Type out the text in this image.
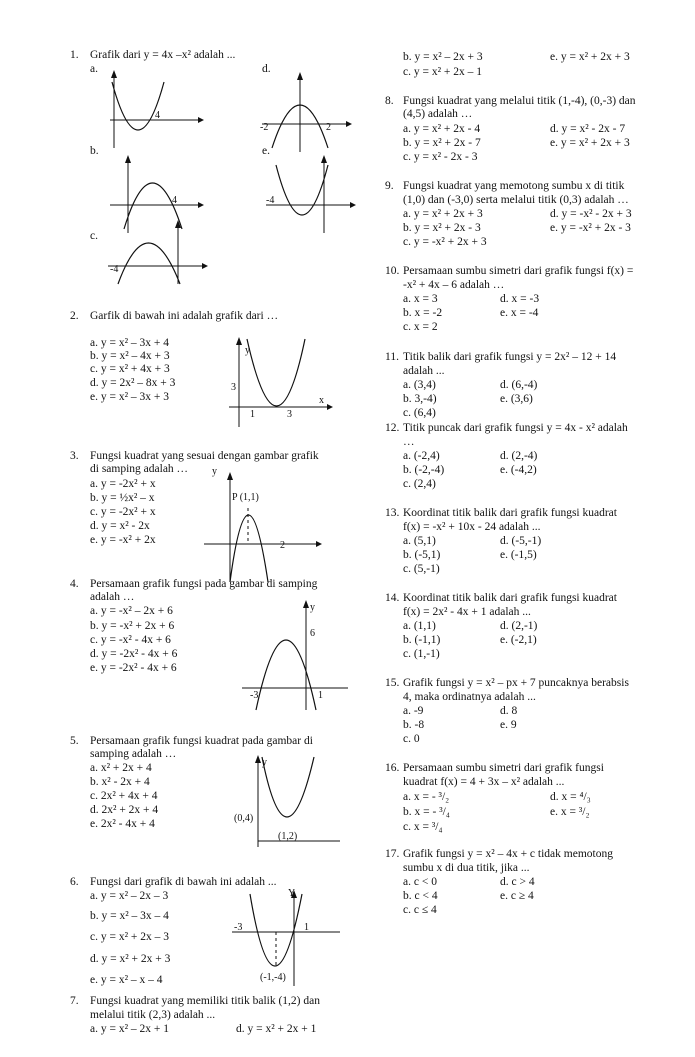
1. Grafik dari y = 4x –x² adalah ...
a.	d.
b.	e.
c.
4
-2	2
4	-4
-4
2. Garfik di bawah ini adalah grafik dari …
a. y = x² – 3x + 4
b. y = x² – 4x + 3
c. y = x² + 4x + 3
d. y = 2x² – 8x + 3
e. y = x² – 3x + 3
y
x
3
1	3
3. Fungsi kuadrat yang sesuai dengan gambar grafik
di samping adalah …
a. y = -2x² + x
b. y = ½x² – x
c. y = -2x² + x
d. y = x² - 2x
e. y = -x² + 2x
y
P (1,1)
2
4. Persamaan grafik fungsi pada gambar di samping
adalah …
a. y = -x² – 2x + 6
b. y = -x² + 2x + 6
c. y = -x² - 4x + 6
d. y = -2x² - 4x + 6
e. y = -2x² - 4x + 6
y
6
-3	1
5. Persamaan grafik fungsi kuadrat pada gambar di
samping adalah …
a. x² + 2x + 4
b. x² - 2x + 4
c. 2x² + 4x + 4
d. 2x² + 2x + 4
e. 2x² - 4x + 4
y
(0,4)
(1,2)
6. Fungsi dari grafik di bawah ini adalah ...
a. y = x² – 2x – 3
b. y = x² – 3x – 4
c. y = x² + 2x – 3
d. y = x² + 2x + 3
e. y = x² – x – 4
Y
-3	1
(-1,-4)
7. Fungsi kuadrat yang memiliki titik balik (1,2) dan
melalui titik (2,3) adalah ...
a. y = x² – 2x + 1	d. y = x² + 2x + 1
b. y = x² – 2x + 3	e. y = x² + 2x + 3
c. y = x² + 2x – 1
8. Fungsi kuadrat yang melalui titik (1,-4), (0,-3) dan
(4,5) adalah …
a. y = x² + 2x - 4	d. y = x² - 2x - 7
b. y = x² + 2x - 7	e. y = x² + 2x + 3
c. y = x² - 2x - 3
9. Fungsi kuadrat yang memotong sumbu x di titik
(1,0) dan (-3,0) serta melalui titik (0,3) adalah …
a. y = x² + 2x + 3	d. y = -x² - 2x + 3
b. y = x² + 2x - 3	e. y = -x² + 2x - 3
c. y = -x² + 2x + 3
10. Persamaan sumbu simetri dari grafik fungsi f(x) =
-x² + 4x – 6 adalah …
a. x = 3	d. x = -3
b. x = -2	e. x = -4
c. x = 2
11. Titik balik dari grafik fungsi y = 2x² – 12 + 14
adalah ...
a. (3,4)	d. (6,-4)
b. 3,-4)	e. (3,6)
c. (6,4)
12. Titik puncak dari grafik fungsi y = 4x - x² adalah
…
a. (-2,4)	d. (2,-4)
b. (-2,-4)	e. (-4,2)
c. (2,4)
13. Koordinat titik balik dari grafik fungsi kuadrat
f(x) = -x² + 10x - 24 adalah ...
a. (5,1)	d. (-5,-1)
b. (-5,1)	e. (-1,5)
c. (5,-1)
14. Koordinat titik balik dari grafik fungsi kuadrat
f(x) = 2x² - 4x + 1 adalah ...
a. (1,1)	d. (2,-1)
b. (-1,1)	e. (-2,1)
c. (1,-1)
15. Grafik fungsi y = x² – px + 7 puncaknya berabsis
4, maka ordinatnya adalah ...
a. -9	d. 8
b. -8	e. 9
c. 0
16. Persamaan sumbu simetri dari grafik fungsi
kuadrat f(x) = 4 + 3x – x² adalah ...
a. x = - ³/₂	d. x = ⁴/₃
b. x = - ³/₄	e. x = ³/₂
c. x = ³/₄
17. Grafik fungsi y = x² – 4x + c tidak memotong
sumbu x di dua titik, jika ...
a. c < 0	d. c > 4
b. c < 4	e. c ≥ 4
c. c ≤ 4
